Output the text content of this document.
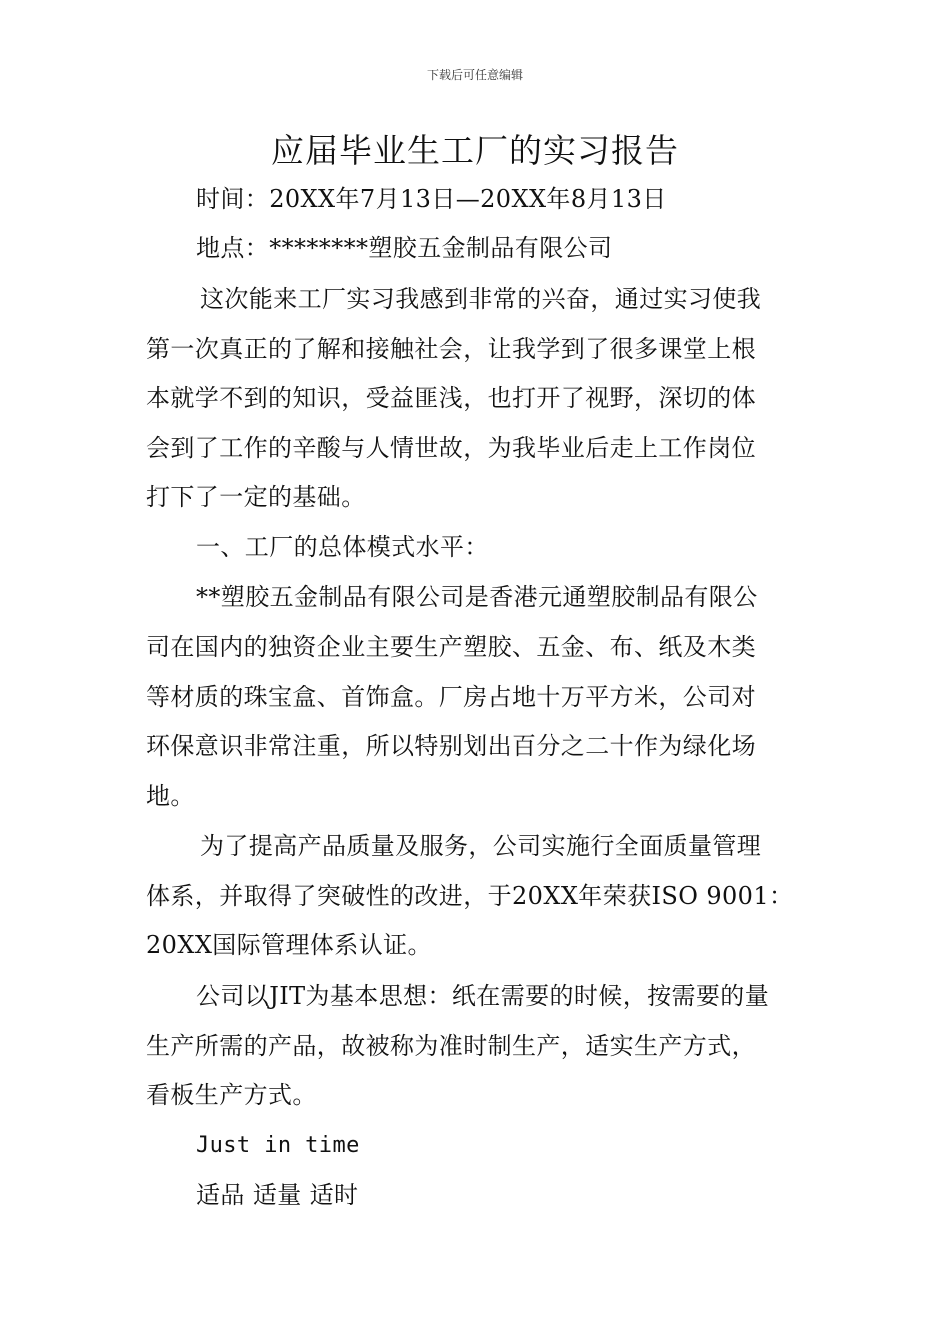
下载后可任意编辑
应届毕业生工厂的实习报告
时间：20XX年7月13日—20XX年8月13日
地点：********塑胶五金制品有限公司
这次能来工厂实习我感到非常的兴奋，通过实习使我
第一次真正的了解和接触社会，让我学到了很多课堂上根
本就学不到的知识，受益匪浅，也打开了视野，深切的体
会到了工作的辛酸与人情世故，为我毕业后走上工作岗位
打下了一定的基础。
一、工厂的总体模式水平：
**塑胶五金制品有限公司是香港元通塑胶制品有限公
司在国内的独资企业主要生产塑胶、五金、布、纸及木类
等材质的珠宝盒、首饰盒。厂房占地十万平方米，公司对
环保意识非常注重，所以特别划出百分之二十作为绿化场
地。
为了提高产品质量及服务，公司实施行全面质量管理
体系，并取得了突破性的改进，于20XX年荣获ISO 9001：
20XX国际管理体系认证。
公司以JIT为基本思想：纸在需要的时候，按需要的量
生产所需的产品，故被称为准时制生产，适实生产方式，
看板生产方式。
Just in time
适品 适量 适时
